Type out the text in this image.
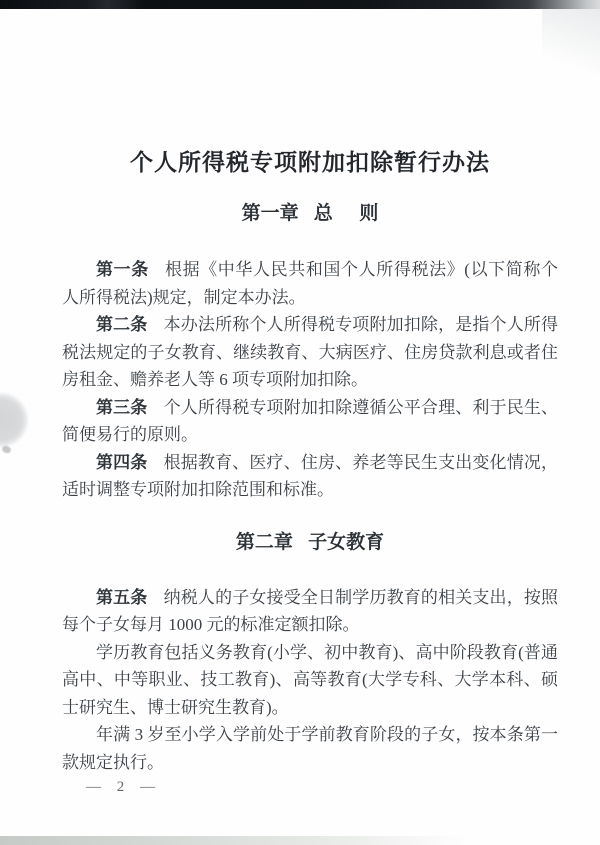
个人所得税专项附加扣除暂行办法
第一章 总 则

第一条 根据《中华人民共和国个人所得税法》(以下简称个人所得税法)规定，制定本办法。

第二条 本办法所称个人所得税专项附加扣除，是指个人所得税法规定的子女教育、继续教育、大病医疗、住房贷款利息或者住房租金、赡养老人等 6 项专项附加扣除。

第三条 个人所得税专项附加扣除遵循公平合理、利于民生、简便易行的原则。

第四条 根据教育、医疗、住房、养老等民生支出变化情况，适时调整专项附加扣除范围和标准。

第二章 子女教育

第五条 纳税人的子女接受全日制学历教育的相关支出，按照每个子女每月 1000 元的标准定额扣除。

学历教育包括义务教育(小学、初中教育)、高中阶段教育(普通高中、中等职业、技工教育)、高等教育(大学专科、大学本科、硕士研究生、博士研究生教育)。

年满 3 岁至小学入学前处于学前教育阶段的子女，按本条第一款规定执行。

— 2 —
